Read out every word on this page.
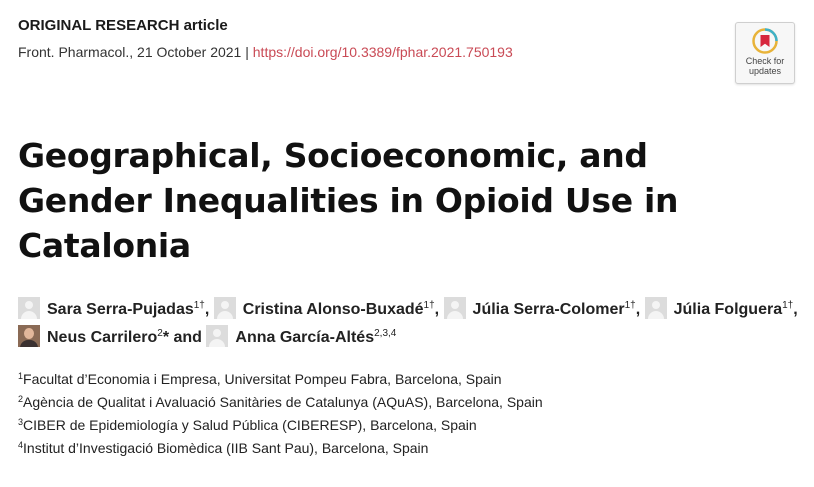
ORIGINAL RESEARCH article
Front. Pharmacol., 21 October 2021 | https://doi.org/10.3389/fphar.2021.750193
Check for
updates
Geographical, Socioeconomic, and Gender Inequalities in Opioid Use in Catalonia
Sara Serra-Pujadas$^{1\dagger}$, Cristina Alonso-Buxadé$^{1\dagger}$, Júlia Serra-Colomer$^{1\dagger}$, Júlia Folguera$^{1\dagger}$, Neus Carrilero$^2$* and Anna García-Altés$^{2,3,4}$
$^1$Facultat d’Economia i Empresa, Universitat Pompeu Fabra, Barcelona, Spain
$^2$Agència de Qualitat i Avaluació Sanitàries de Catalunya (AQuAS), Barcelona, Spain
$^3$CIBER de Epidemiología y Salud Pública (CIBERESP), Barcelona, Spain
$^4$Institut d’Investigació Biomèdica (IIB Sant Pau), Barcelona, Spain
